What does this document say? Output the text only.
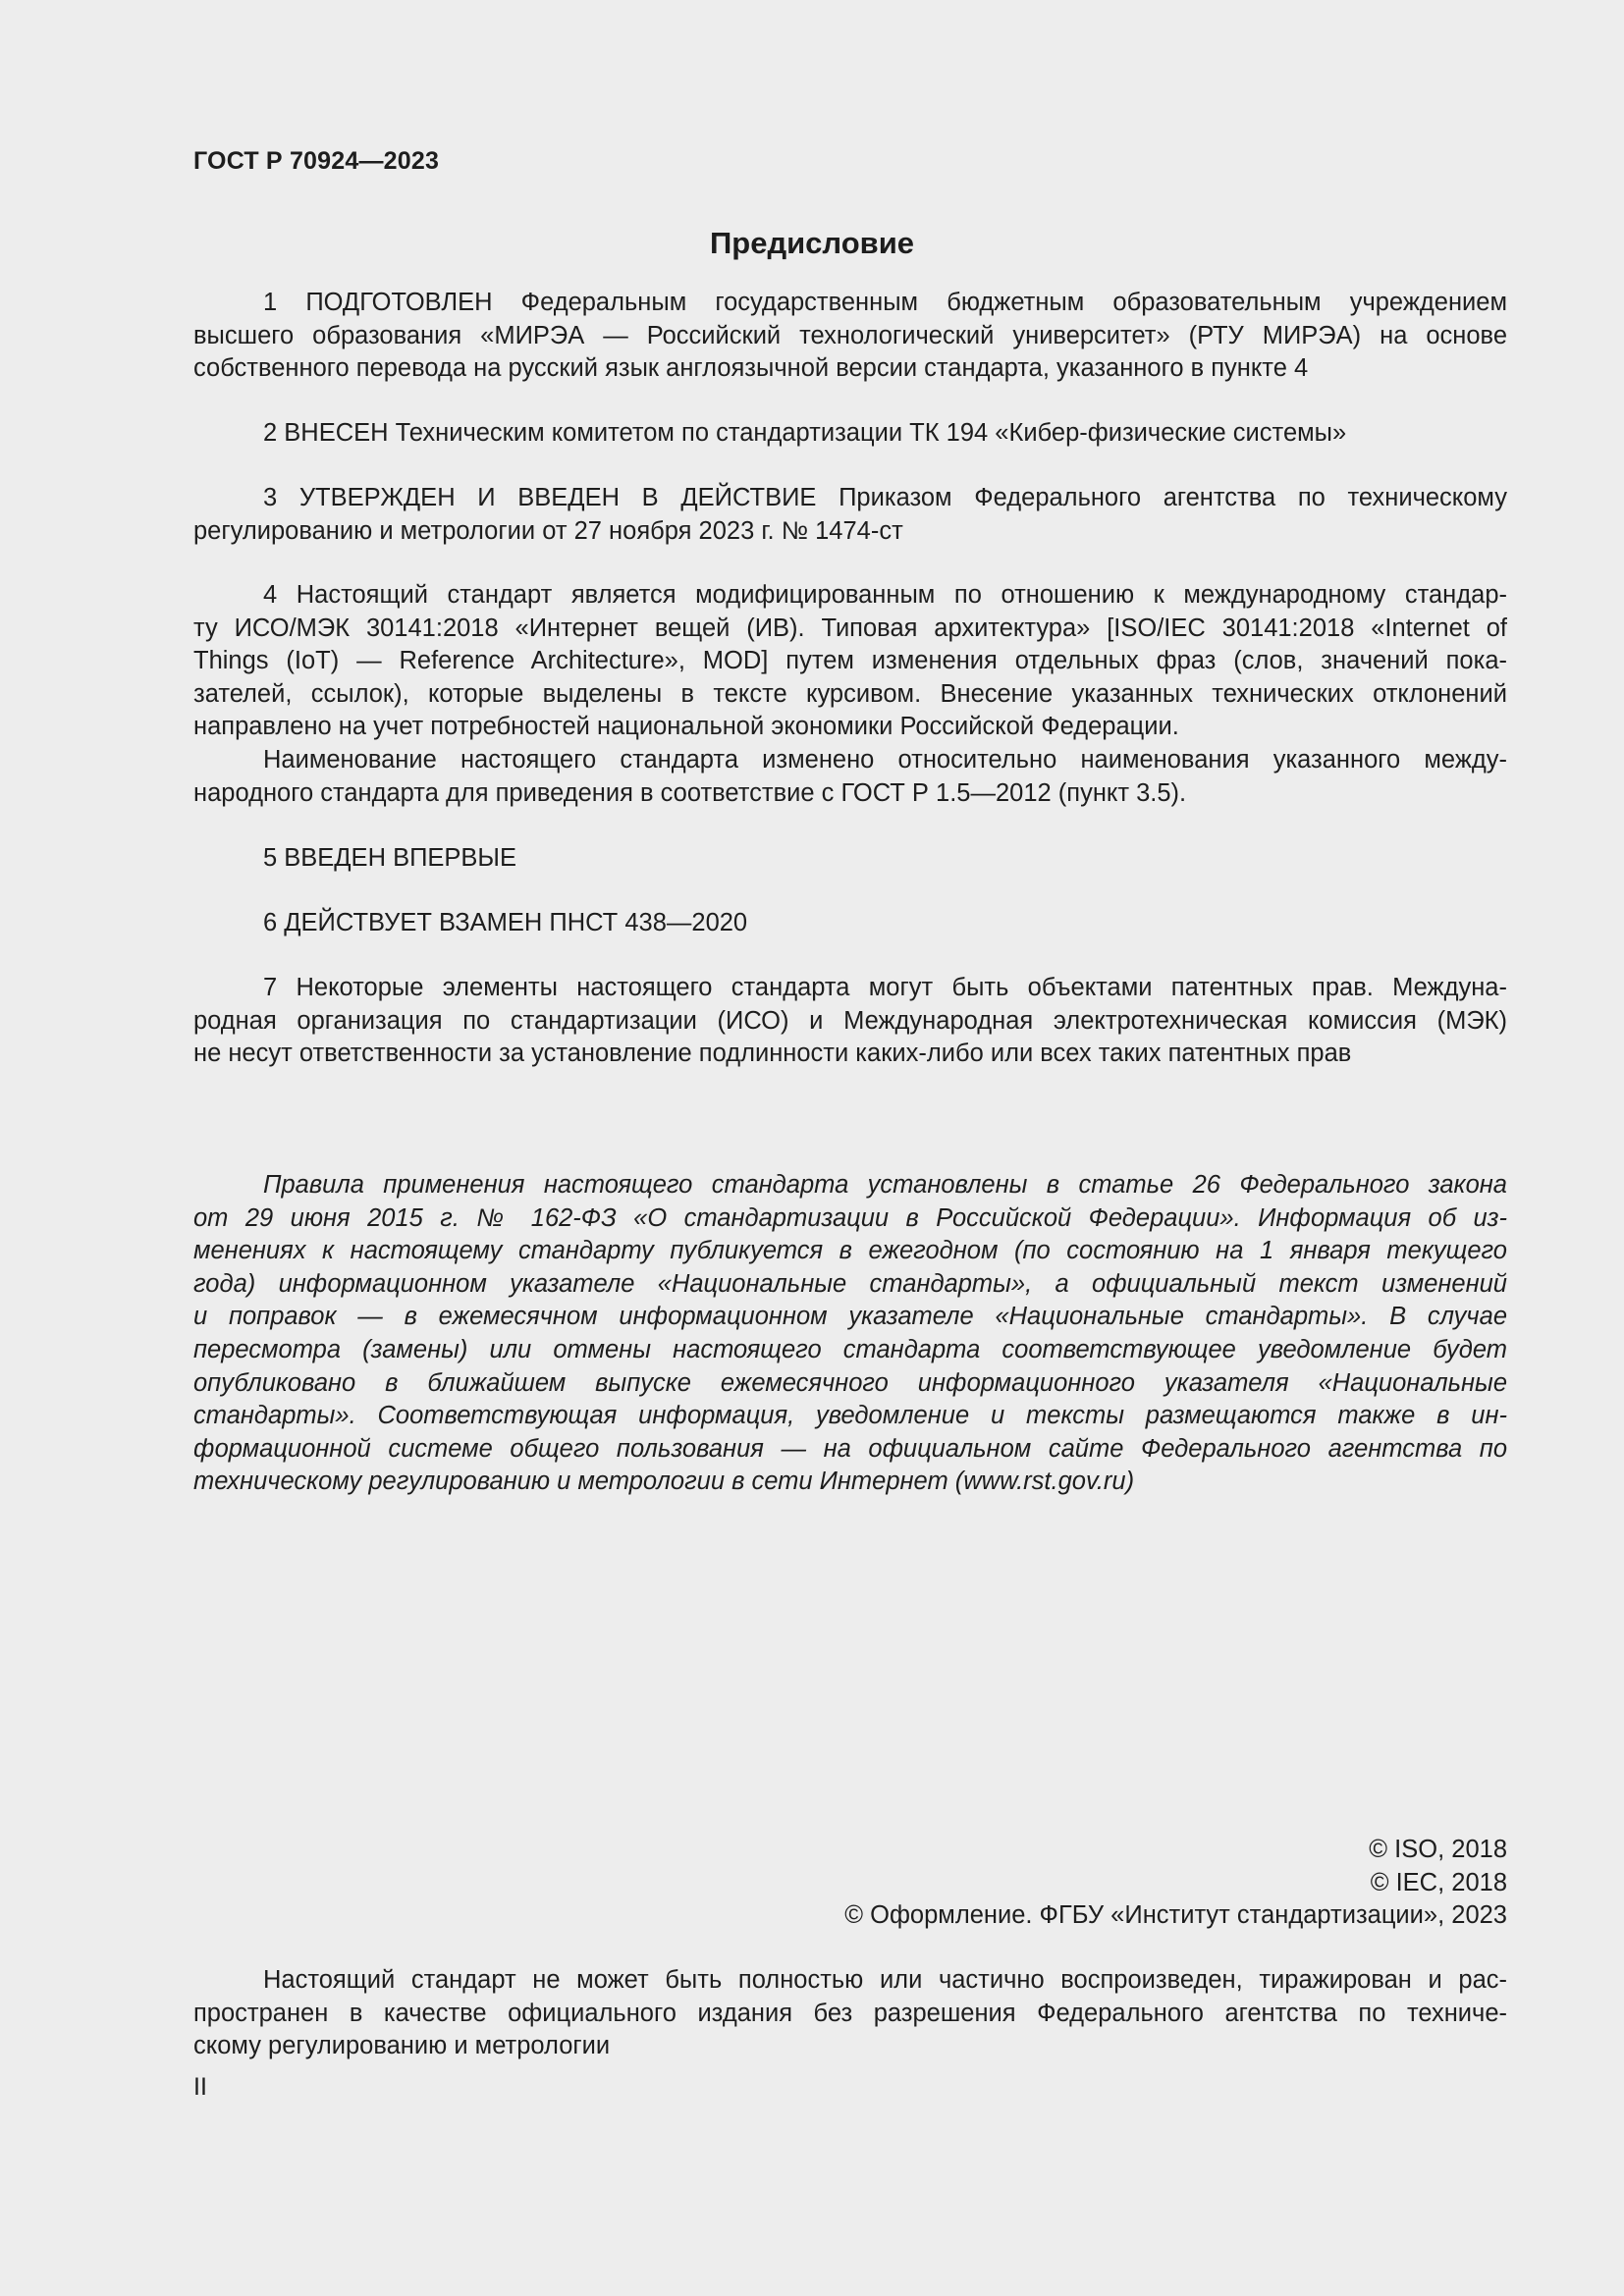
ГОСТ Р 70924—2023
Предисловие
1 ПОДГОТОВЛЕН Федеральным государственным бюджетным образовательным учреждением
высшего образования «МИРЭА — Российский технологический университет» (РТУ МИРЭА) на основе
собственного перевода на русский язык англоязычной версии стандарта, указанного в пункте 4
2 ВНЕСЕН Техническим комитетом по стандартизации ТК 194 «Кибер-физические системы»
3 УТВЕРЖДЕН И ВВЕДЕН В ДЕЙСТВИЕ Приказом Федерального агентства по техническому
регулированию и метрологии от 27 ноября 2023 г. № 1474-ст
4 Настоящий стандарт является модифицированным по отношению к международному стандар-
ту ИСО/МЭК 30141:2018 «Интернет вещей (ИВ). Типовая архитектура» [ISO/IEC 30141:2018 «Internet of
Things (IoT) — Reference Architecture», MOD] путем изменения отдельных фраз (слов, значений пока-
зателей, ссылок), которые выделены в тексте курсивом. Внесение указанных технических отклонений
направлено на учет потребностей национальной экономики Российской Федерации.
Наименование настоящего стандарта изменено относительно наименования указанного между-
народного стандарта для приведения в соответствие с ГОСТ Р 1.5—2012 (пункт 3.5).
5 ВВЕДЕН ВПЕРВЫЕ
6 ДЕЙСТВУЕТ ВЗАМЕН ПНСТ 438—2020
7 Некоторые элементы настоящего стандарта могут быть объектами патентных прав. Междуна-
родная организация по стандартизации (ИСО) и Международная электротехническая комиссия (МЭК)
не несут ответственности за установление подлинности каких-либо или всех таких патентных прав
Правила применения настоящего стандарта установлены в статье 26 Федерального закона
от 29 июня 2015 г. № 162-ФЗ «О стандартизации в Российской Федерации». Информация об из-
менениях к настоящему стандарту публикуется в ежегодном (по состоянию на 1 января текущего
года) информационном указателе «Национальные стандарты», а официальный текст изменений
и поправок — в ежемесячном информационном указателе «Национальные стандарты». В случае
пересмотра (замены) или отмены настоящего стандарта соответствующее уведомление будет
опубликовано в ближайшем выпуске ежемесячного информационного указателя «Национальные
стандарты». Соответствующая информация, уведомление и тексты размещаются также в ин-
формационной системе общего пользования — на официальном сайте Федерального агентства по
техническому регулированию и метрологии в сети Интернет (www.rst.gov.ru)
© ISO, 2018
© IEC, 2018
© Оформление. ФГБУ «Институт стандартизации», 2023
Настоящий стандарт не может быть полностью или частично воспроизведен, тиражирован и рас-
пространен в качестве официального издания без разрешения Федерального агентства по техниче-
скому регулированию и метрологии
II
